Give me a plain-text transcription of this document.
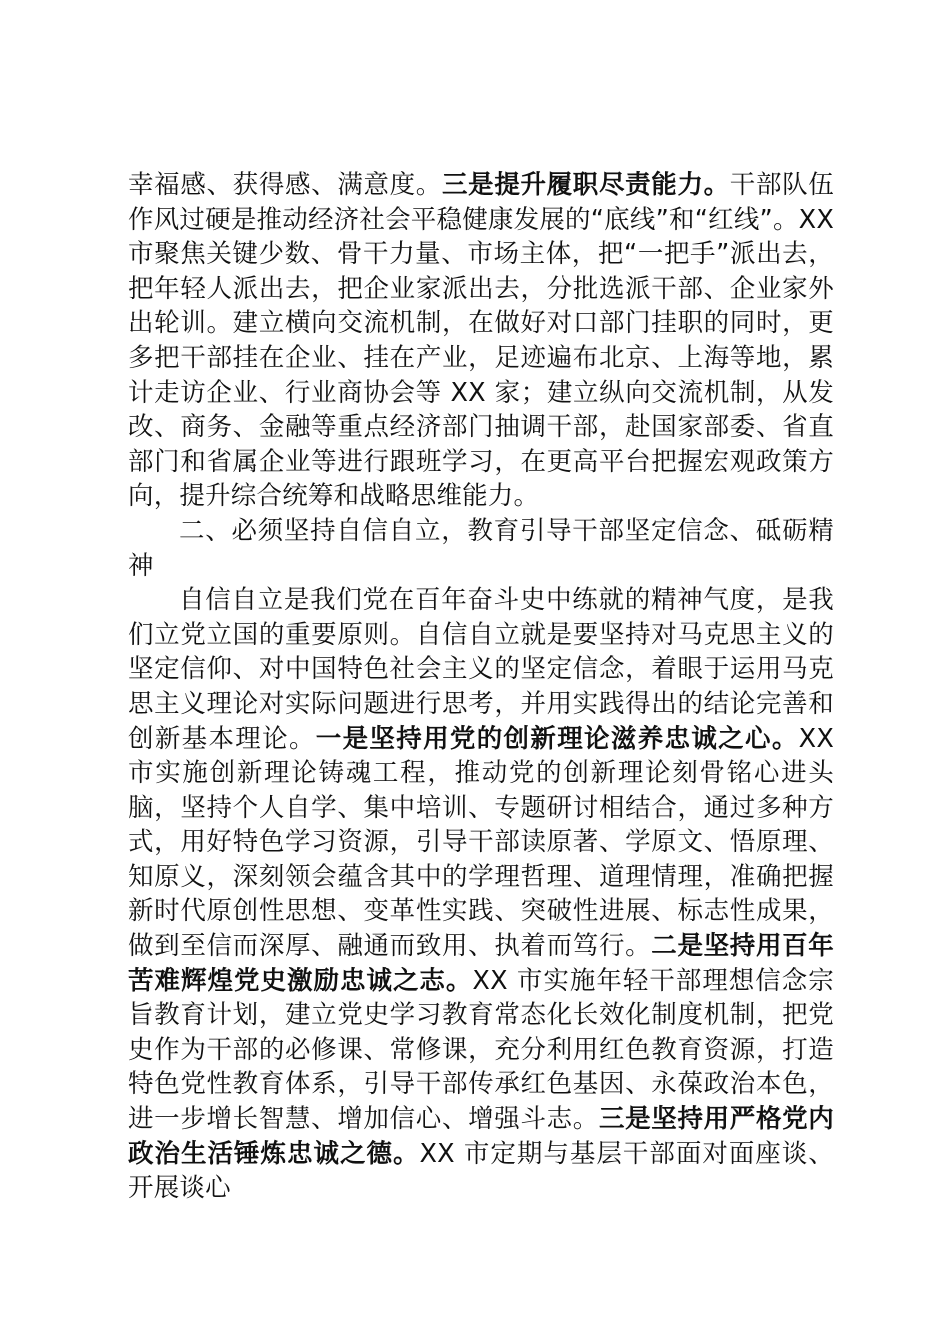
幸福感、获得感、满意度。三是提升履职尽责能力。干部队伍作风过硬是推动经济社会平稳健康发展的“底线”和“红线”。XX 市聚焦关键少数、骨干力量、市场主体，把“一把手”派出去，把年轻人派出去，把企业家派出去，分批选派干部、企业家外出轮训。建立横向交流机制，在做好对口部门挂职的同时，更多把干部挂在企业、挂在产业，足迹遍布北京、上海等地，累计走访企业、行业商协会等 XX 家；建立纵向交流机制，从发改、商务、金融等重点经济部门抽调干部，赴国家部委、省直部门和省属企业等进行跟班学习，在更高平台把握宏观政策方向，提升综合统筹和战略思维能力。

二、必须坚持自信自立，教育引导干部坚定信念、砥砺精神

自信自立是我们党在百年奋斗史中练就的精神气度，是我们立党立国的重要原则。自信自立就是要坚持对马克思主义的坚定信仰、对中国特色社会主义的坚定信念，着眼于运用马克思主义理论对实际问题进行思考，并用实践得出的结论完善和创新基本理论。一是坚持用党的创新理论滋养忠诚之心。XX 市实施创新理论铸魂工程，推动党的创新理论刻骨铭心进头脑，坚持个人自学、集中培训、专题研讨相结合，通过多种方式，用好特色学习资源，引导干部读原著、学原文、悟原理、知原义，深刻领会蕴含其中的学理哲理、道理情理，准确把握新时代原创性思想、变革性实践、突破性进展、标志性成果，做到至信而深厚、融通而致用、执着而笃行。二是坚持用百年苦难辉煌党史激励忠诚之志。XX 市实施年轻干部理想信念宗旨教育计划，建立党史学习教育常态化长效化制度机制，把党史作为干部的必修课、常修课，充分利用红色教育资源，打造特色党性教育体系，引导干部传承红色基因、永葆政治本色，进一步增长智慧、增加信心、增强斗志。三是坚持用严格党内政治生活锤炼忠诚之德。XX 市定期与基层干部面对面座谈、开展谈心
